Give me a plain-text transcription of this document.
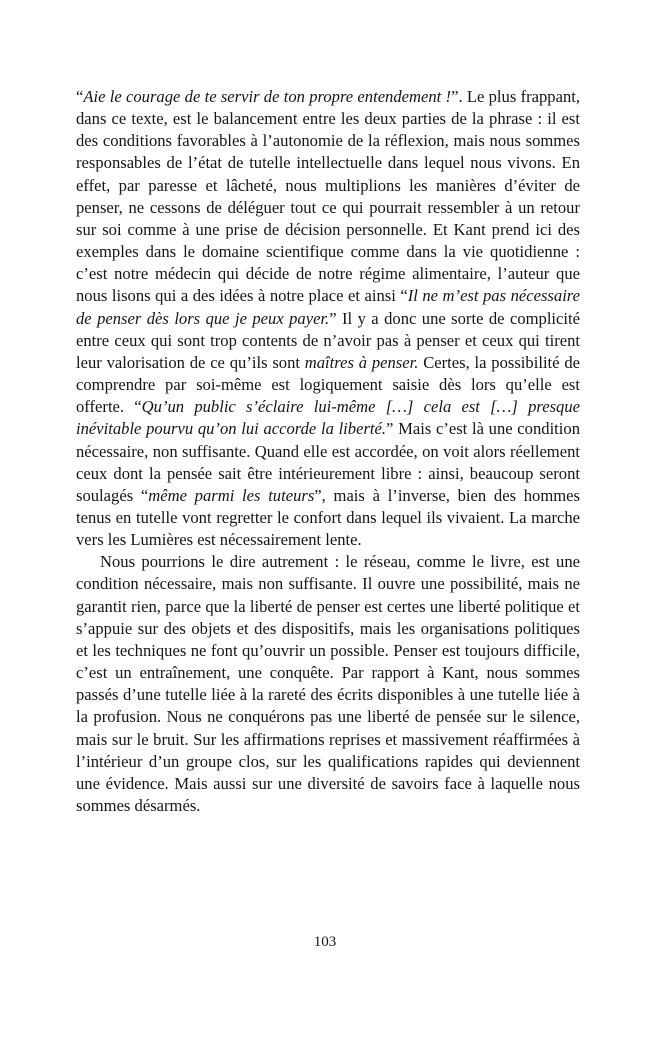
“Aie le courage de te servir de ton propre entendement !”. Le plus frappant, dans ce texte, est le balancement entre les deux parties de la phrase : il est des conditions favorables à l’autonomie de la réflexion, mais nous sommes responsables de l’état de tutelle intellectuelle dans lequel nous vivons. En effet, par paresse et lâcheté, nous multiplions les manières d’éviter de penser, ne cessons de déléguer tout ce qui pourrait ressembler à un retour sur soi comme à une prise de décision personnelle. Et Kant prend ici des exemples dans le domaine scientifique comme dans la vie quotidienne : c’est notre médecin qui décide de notre régime alimentaire, l’auteur que nous lisons qui a des idées à notre place et ainsi “Il ne m’est pas nécessaire de penser dès lors que je peux payer.” Il y a donc une sorte de complicité entre ceux qui sont trop contents de n’avoir pas à penser et ceux qui tirent leur valorisation de ce qu’ils sont maîtres à penser. Certes, la possibilité de comprendre par soi-même est logiquement saisie dès lors qu’elle est offerte. “Qu’un public s’éclaire lui-même […] cela est […] presque inévitable pourvu qu’on lui accorde la liberté.” Mais c’est là une condition nécessaire, non suffisante. Quand elle est accordée, on voit alors réellement ceux dont la pensée sait être intérieurement libre : ainsi, beaucoup seront soulagés “même parmi les tuteurs”, mais à l’inverse, bien des hommes tenus en tutelle vont regretter le confort dans lequel ils vivaient. La marche vers les Lumières est nécessairement lente.

Nous pourrions le dire autrement : le réseau, comme le livre, est une condition nécessaire, mais non suffisante. Il ouvre une possibilité, mais ne garantit rien, parce que la liberté de penser est certes une liberté politique et s’appuie sur des objets et des dispositifs, mais les organisations politiques et les techniques ne font qu’ouvrir un possible. Penser est toujours difficile, c’est un entraînement, une conquête. Par rapport à Kant, nous sommes passés d’une tutelle liée à la rareté des écrits disponibles à une tutelle liée à la profusion. Nous ne conquérons pas une liberté de pensée sur le silence, mais sur le bruit. Sur les affirmations reprises et massivement réaffirmées à l’intérieur d’un groupe clos, sur les qualifications rapides qui deviennent une évidence. Mais aussi sur une diversité de savoirs face à laquelle nous sommes désarmés.

103
